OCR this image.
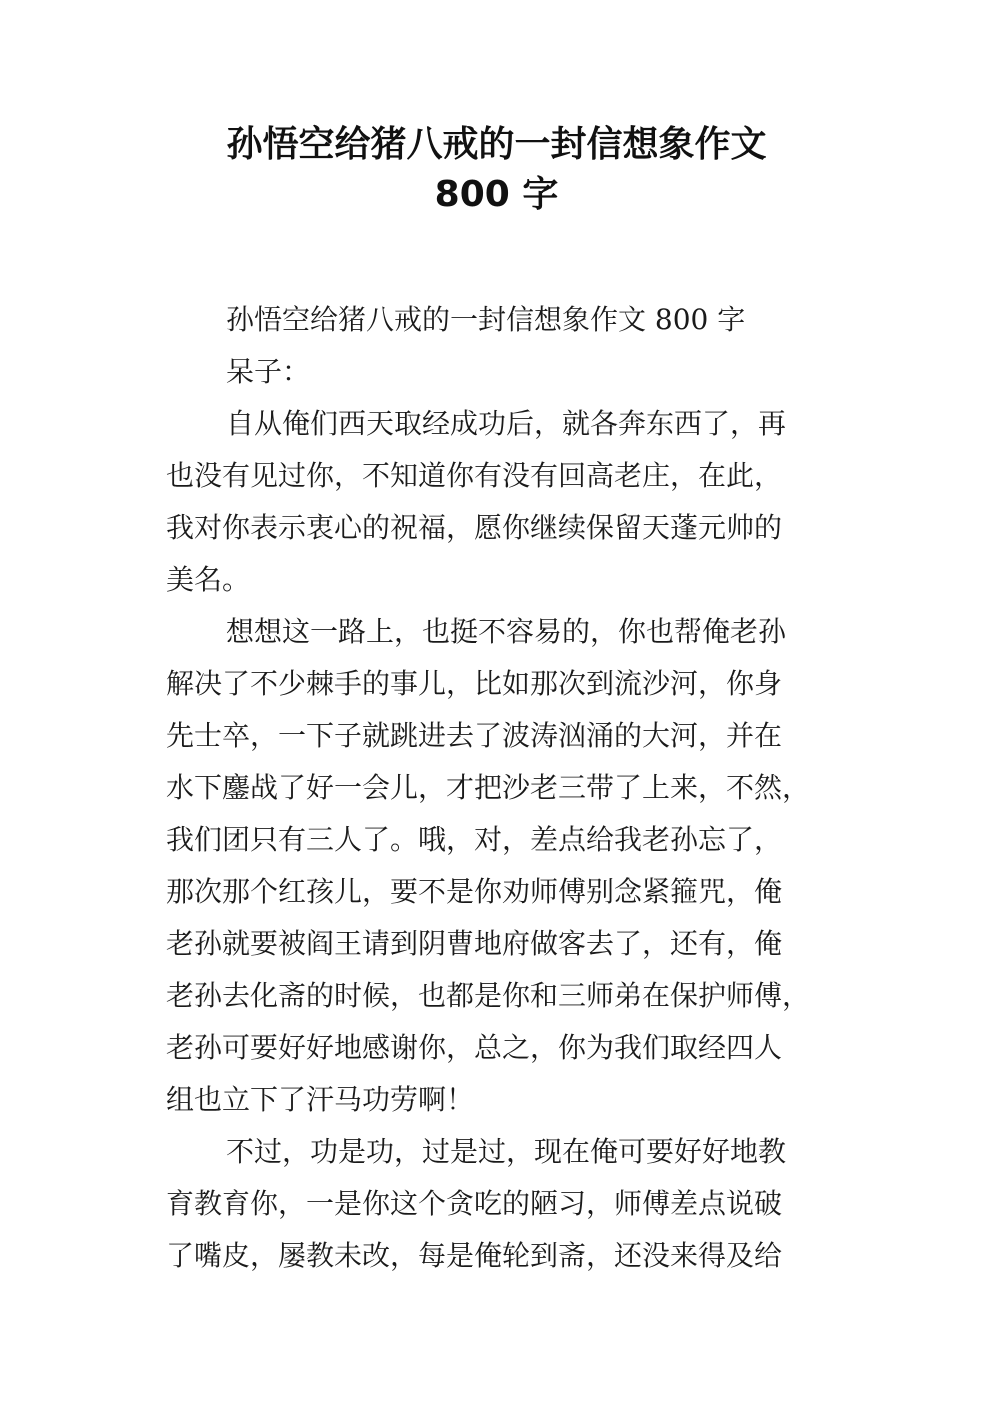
孙悟空给猪八戒的一封信想象作文
800 字
孙悟空给猪八戒的一封信想象作文 800 字
呆子：
自从俺们西天取经成功后，就各奔东西了，再
也没有见过你，不知道你有没有回高老庄，在此，
我对你表示衷心的祝福，愿你继续保留天蓬元帅的
美名。
想想这一路上，也挺不容易的，你也帮俺老孙
解决了不少棘手的事儿，比如那次到流沙河，你身
先士卒，一下子就跳进去了波涛汹涌的大河，并在
水下鏖战了好一会儿，才把沙老三带了上来，不然，
我们团只有三人了。哦，对，差点给我老孙忘了，
那次那个红孩儿，要不是你劝师傅别念紧箍咒，俺
老孙就要被阎王请到阴曹地府做客去了，还有，俺
老孙去化斋的时候，也都是你和三师弟在保护师傅，
老孙可要好好地感谢你，总之，你为我们取经四人
组也立下了汗马功劳啊！
不过，功是功，过是过，现在俺可要好好地教
育教育你，一是你这个贪吃的陋习，师傅差点说破
了嘴皮，屡教未改，每是俺轮到斋，还没来得及给
